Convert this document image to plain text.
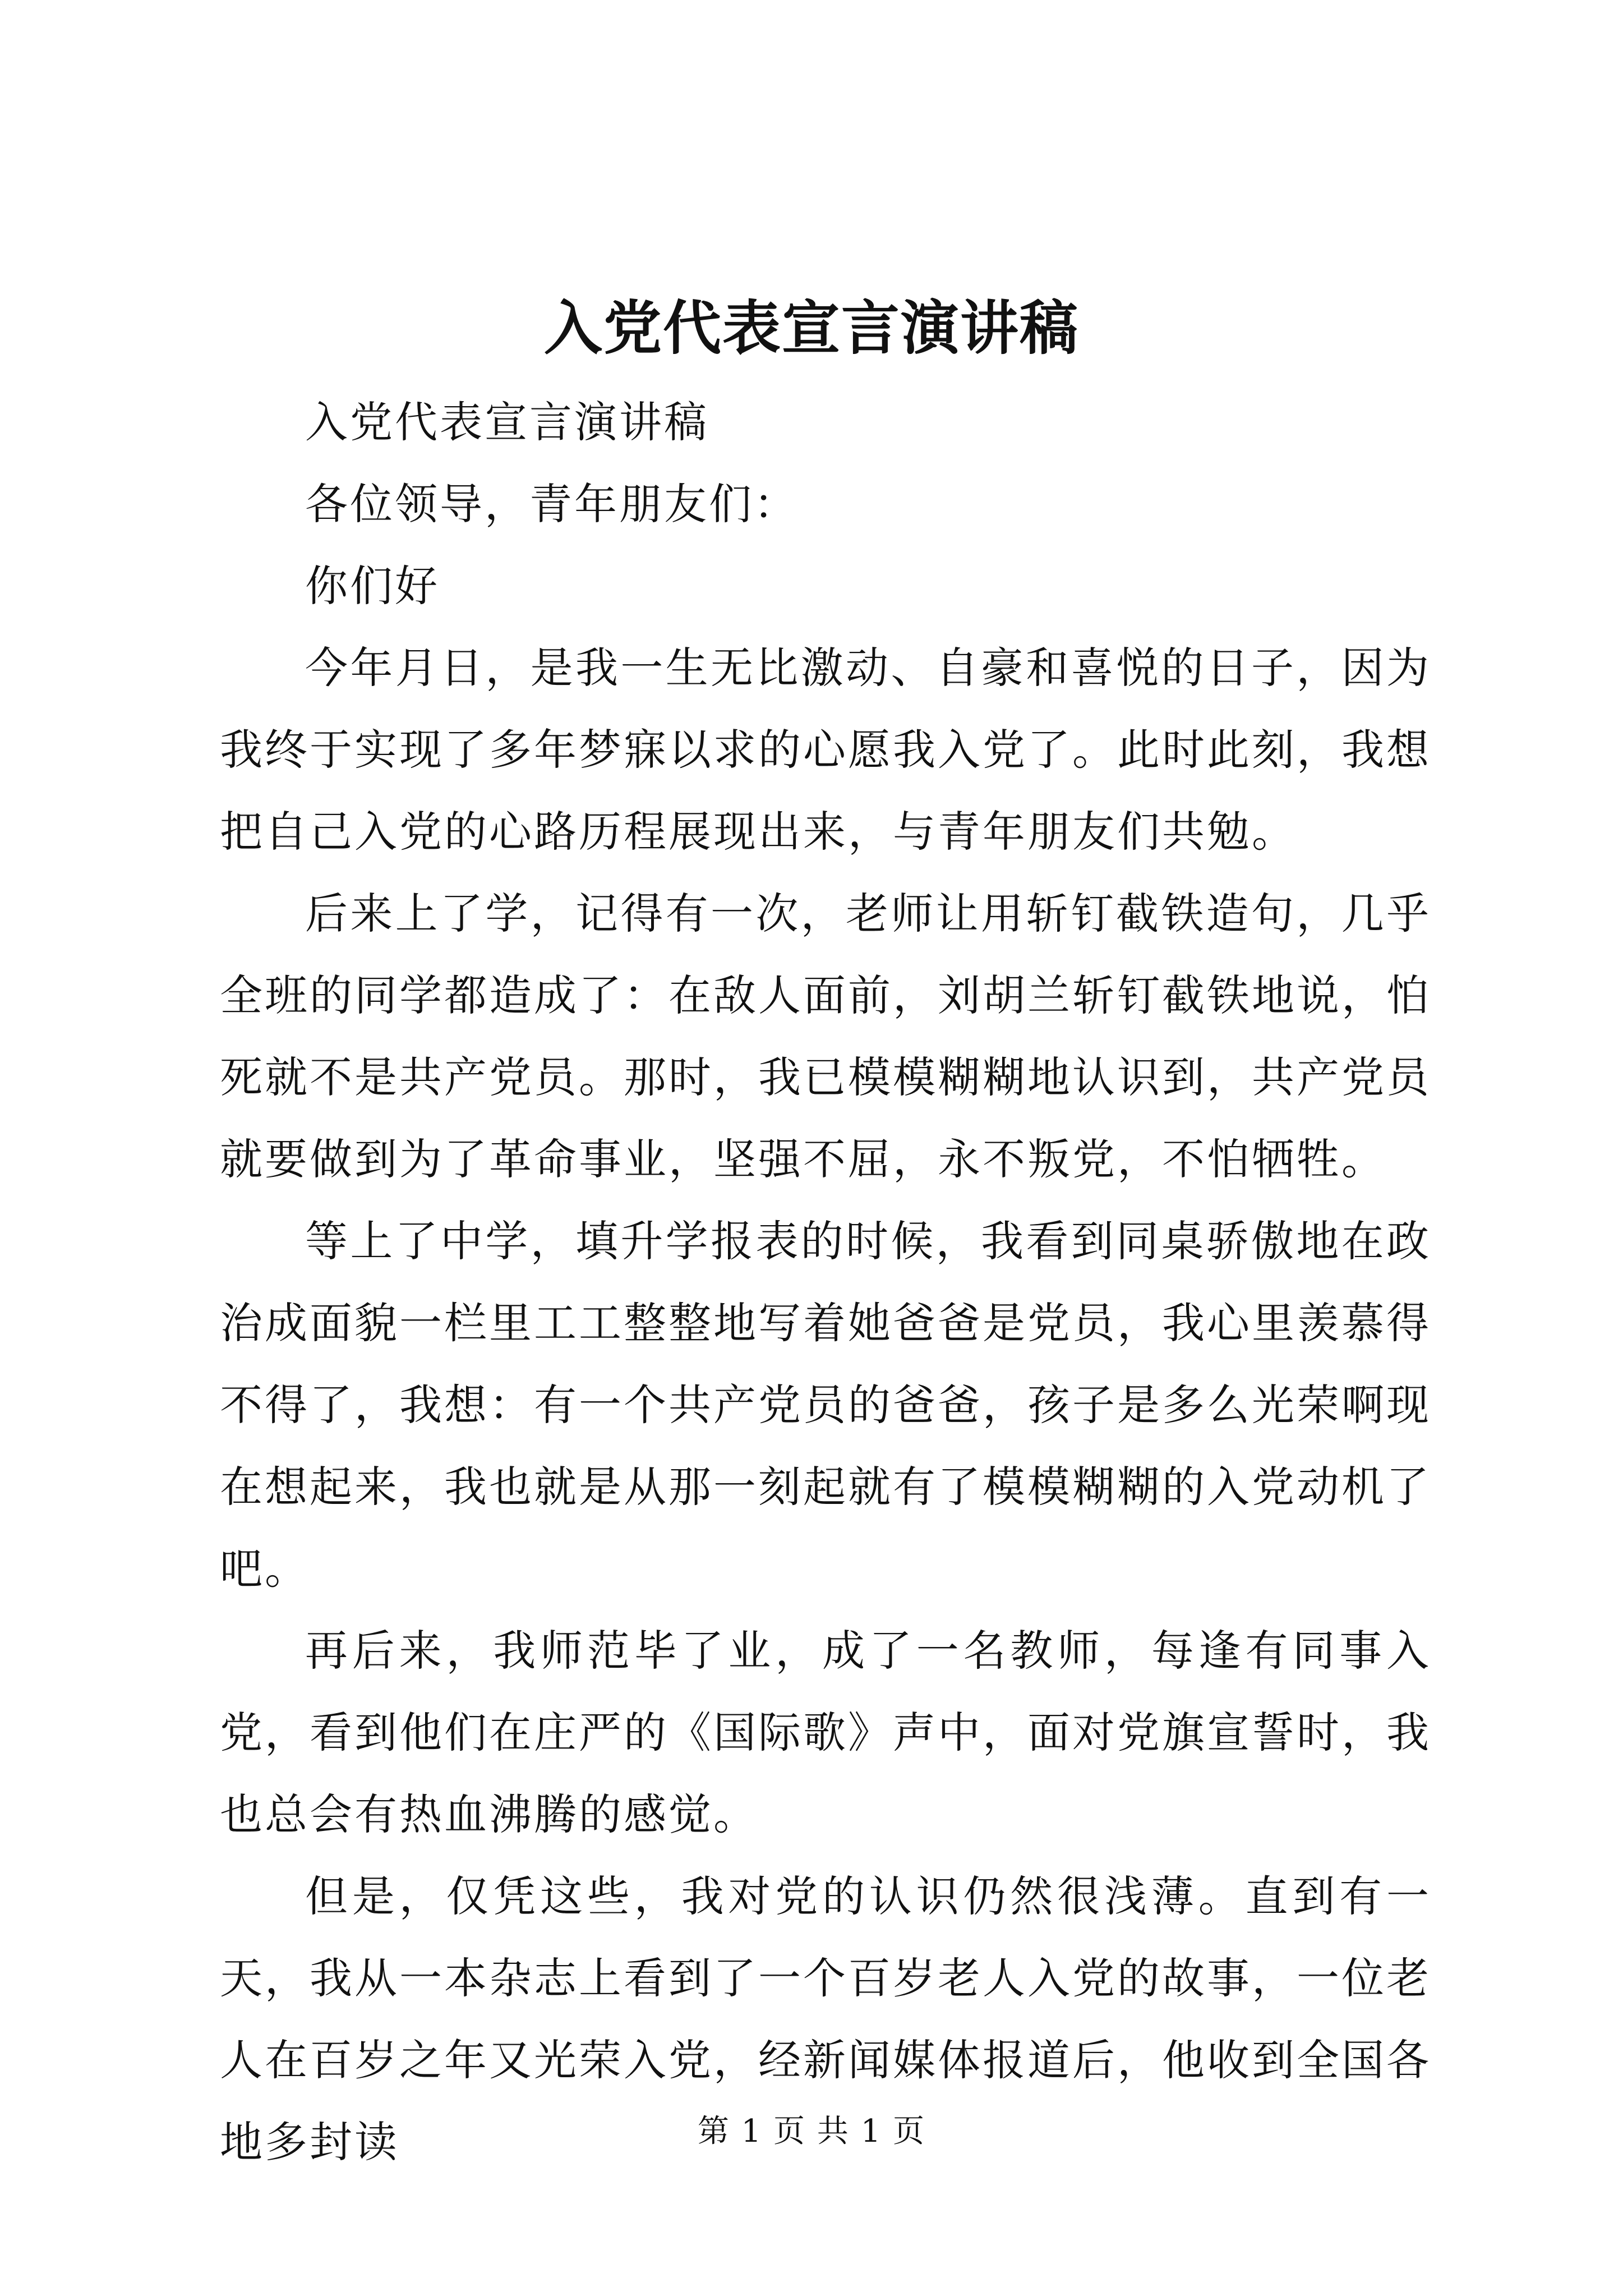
入党代表宣言演讲稿

入党代表宣言演讲稿

各位领导，青年朋友们：

你们好

今年月日，是我一生无比激动、自豪和喜悦的日子，因为我终于实现了多年梦寐以求的心愿我入党了。此时此刻，我想把自己入党的心路历程展现出来，与青年朋友们共勉。

后来上了学，记得有一次，老师让用斩钉截铁造句，几乎全班的同学都造成了：在敌人面前，刘胡兰斩钉截铁地说，怕死就不是共产党员。那时，我已模模糊糊地认识到，共产党员就要做到为了革命事业，坚强不屈，永不叛党，不怕牺牲。

等上了中学，填升学报表的时候，我看到同桌骄傲地在政治成面貌一栏里工工整整地写着她爸爸是党员，我心里羡慕得不得了，我想：有一个共产党员的爸爸，孩子是多么光荣啊现在想起来，我也就是从那一刻起就有了模模糊糊的入党动机了吧。

再后来，我师范毕了业，成了一名教师，每逢有同事入党，看到他们在庄严的《国际歌》声中，面对党旗宣誓时，我也总会有热血沸腾的感觉。

但是，仅凭这些，我对党的认识仍然很浅薄。直到有一天，我从一本杂志上看到了一个百岁老人入党的故事，一位老人在百岁之年又光荣入党，经新闻媒体报道后，他收到全国各地多封读	第 1 页 共 1 页
